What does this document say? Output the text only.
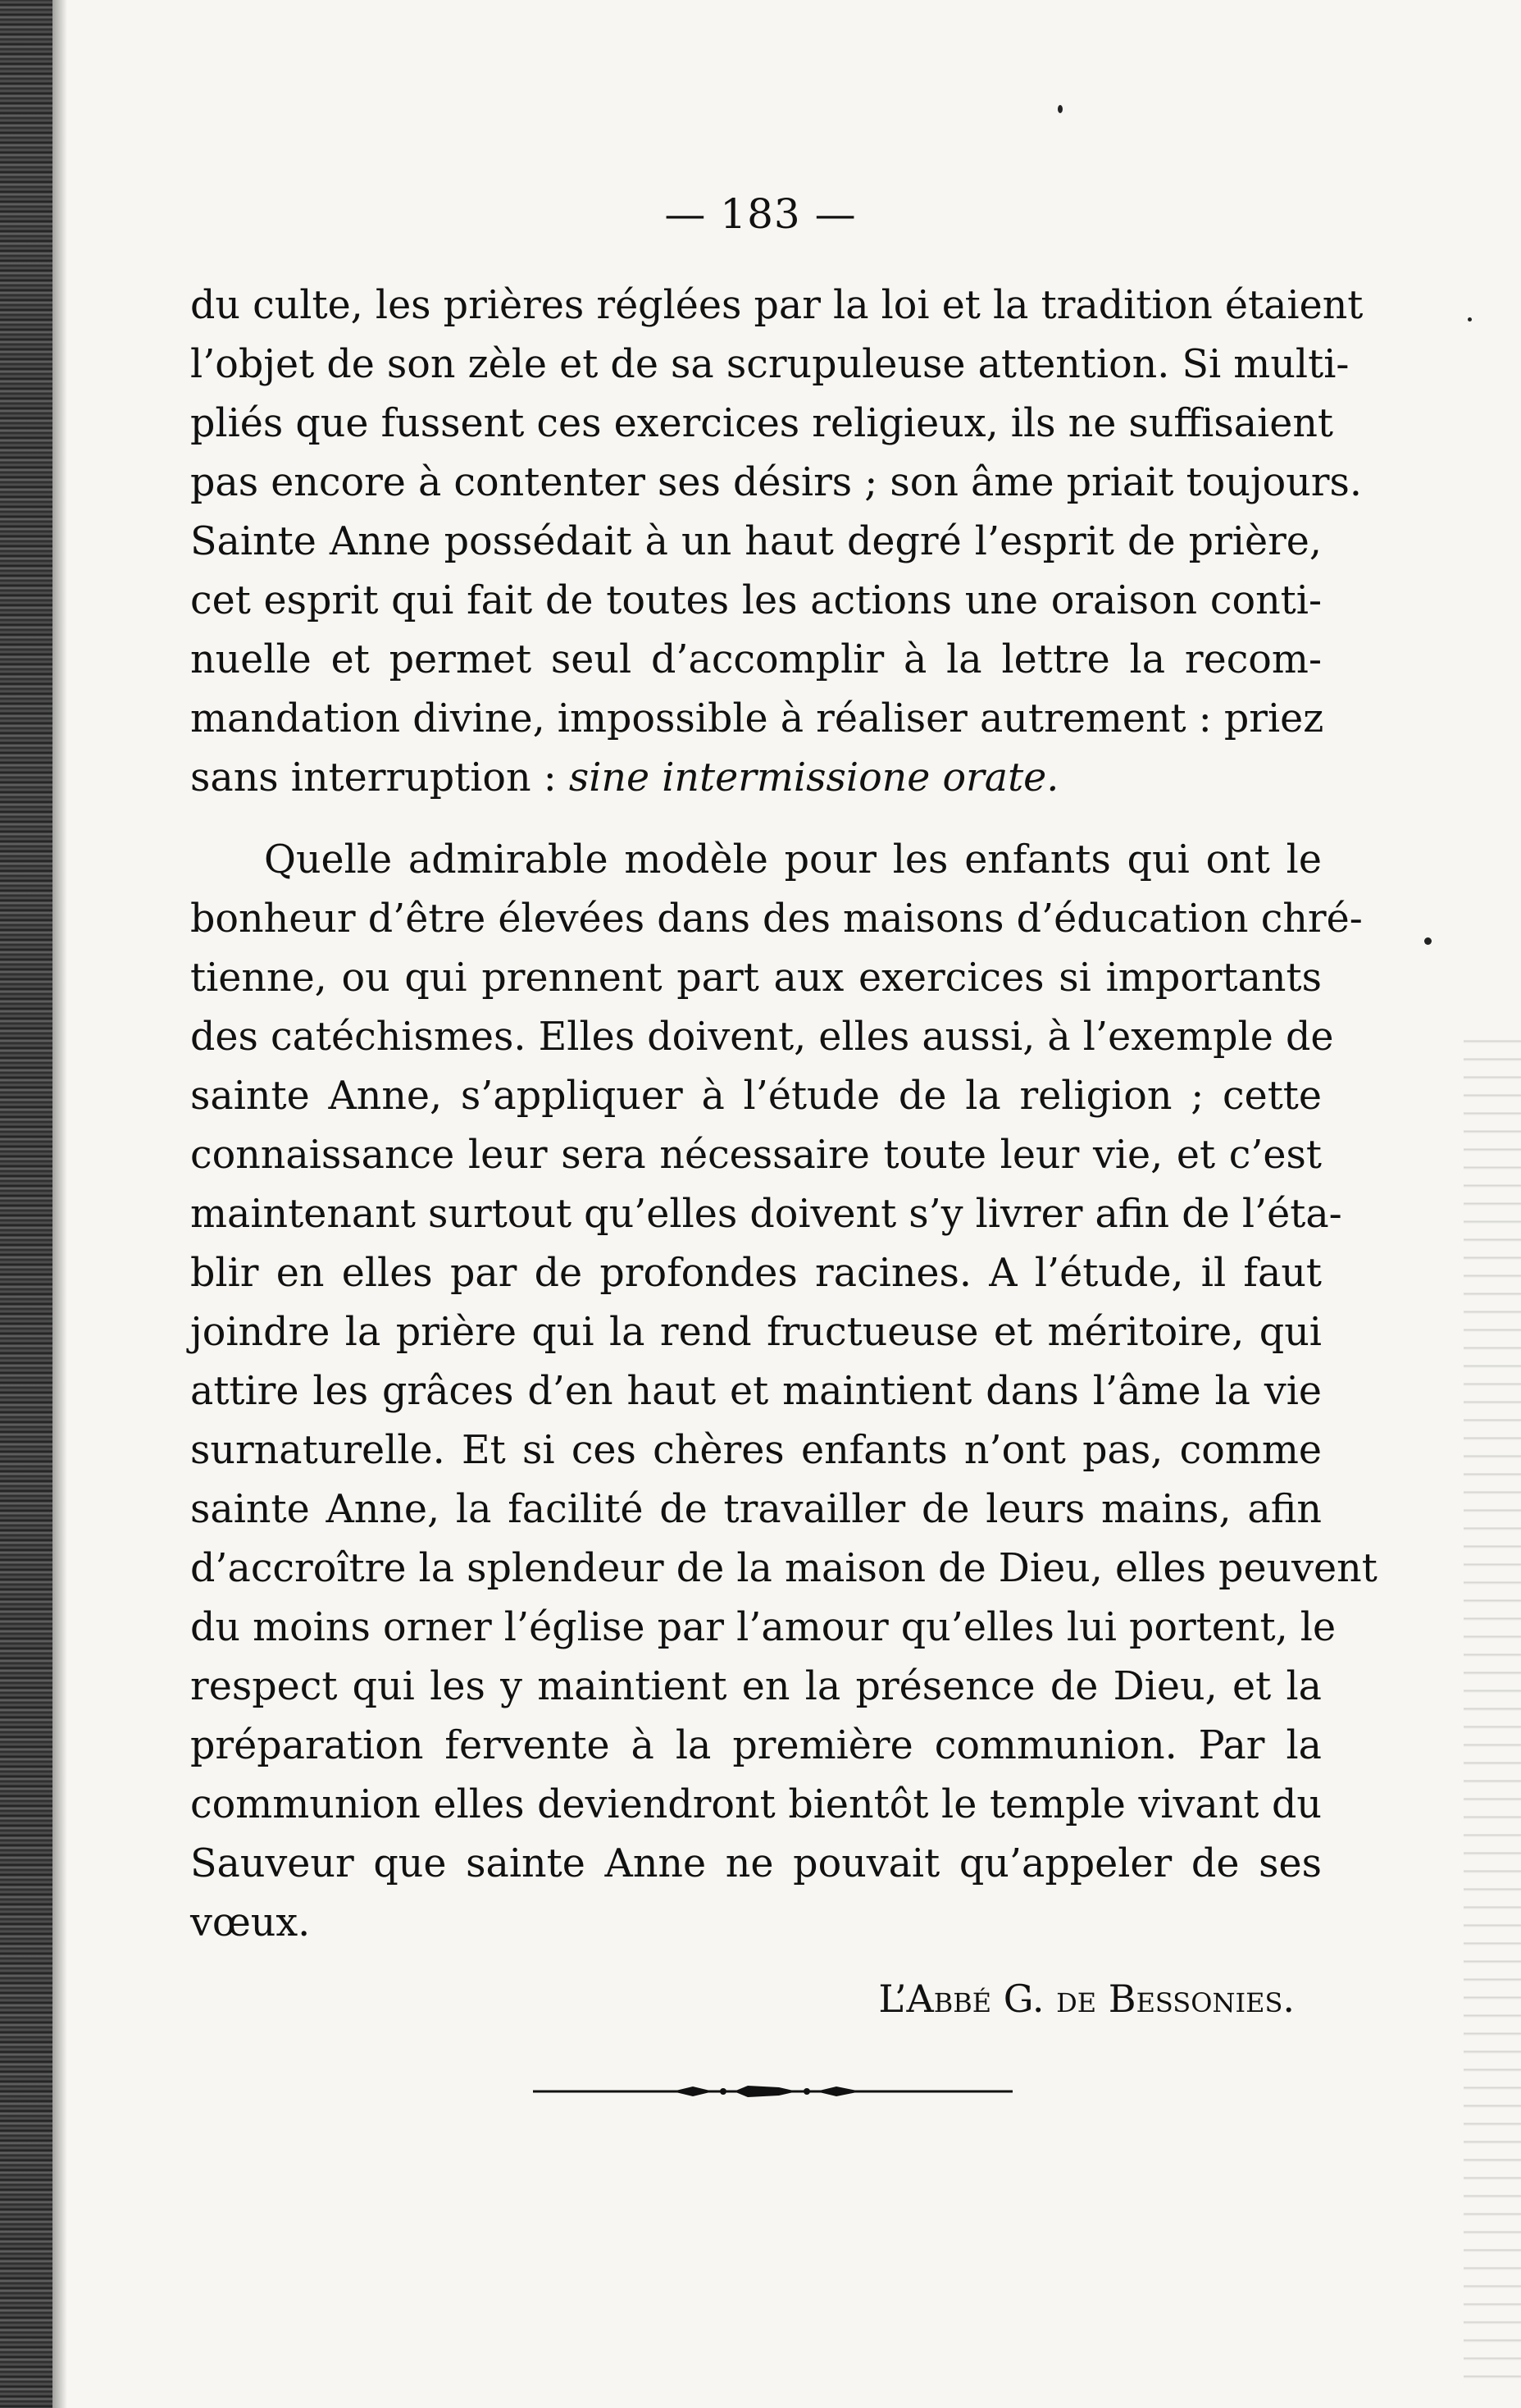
— 183 —
du culte, les prières réglées par la loi et la tradition étaient
l’objet de son zèle et de sa scrupuleuse attention. Si multi-
pliés que fussent ces exercices religieux, ils ne suffisaient
pas encore à contenter ses désirs ; son âme priait toujours.
Sainte Anne possédait à un haut degré l’esprit de prière,
cet esprit qui fait de toutes les actions une oraison conti-
nuelle et permet seul d’accomplir à la lettre la recom-
mandation divine, impossible à réaliser autrement : priez
sans interruption : sine intermissione orate.
Quelle admirable modèle pour les enfants qui ont le
bonheur d’être élevées dans des maisons d’éducation chré-
tienne, ou qui prennent part aux exercices si importants
des catéchismes. Elles doivent, elles aussi, à l’exemple de
sainte Anne, s’appliquer à l’étude de la religion ; cette
connaissance leur sera nécessaire toute leur vie, et c’est
maintenant surtout qu’elles doivent s’y livrer afin de l’éta-
blir en elles par de profondes racines. A l’étude, il faut
joindre la prière qui la rend fructueuse et méritoire, qui
attire les grâces d’en haut et maintient dans l’âme la vie
surnaturelle. Et si ces chères enfants n’ont pas, comme
sainte Anne, la facilité de travailler de leurs mains, afin
d’accroître la splendeur de la maison de Dieu, elles peuvent
du moins orner l’église par l’amour qu’elles lui portent, le
respect qui les y maintient en la présence de Dieu, et la
préparation fervente à la première communion. Par la
communion elles deviendront bientôt le temple vivant du
Sauveur que sainte Anne ne pouvait qu’appeler de ses
vœux.
L’Abbé G. de Bessonies.
